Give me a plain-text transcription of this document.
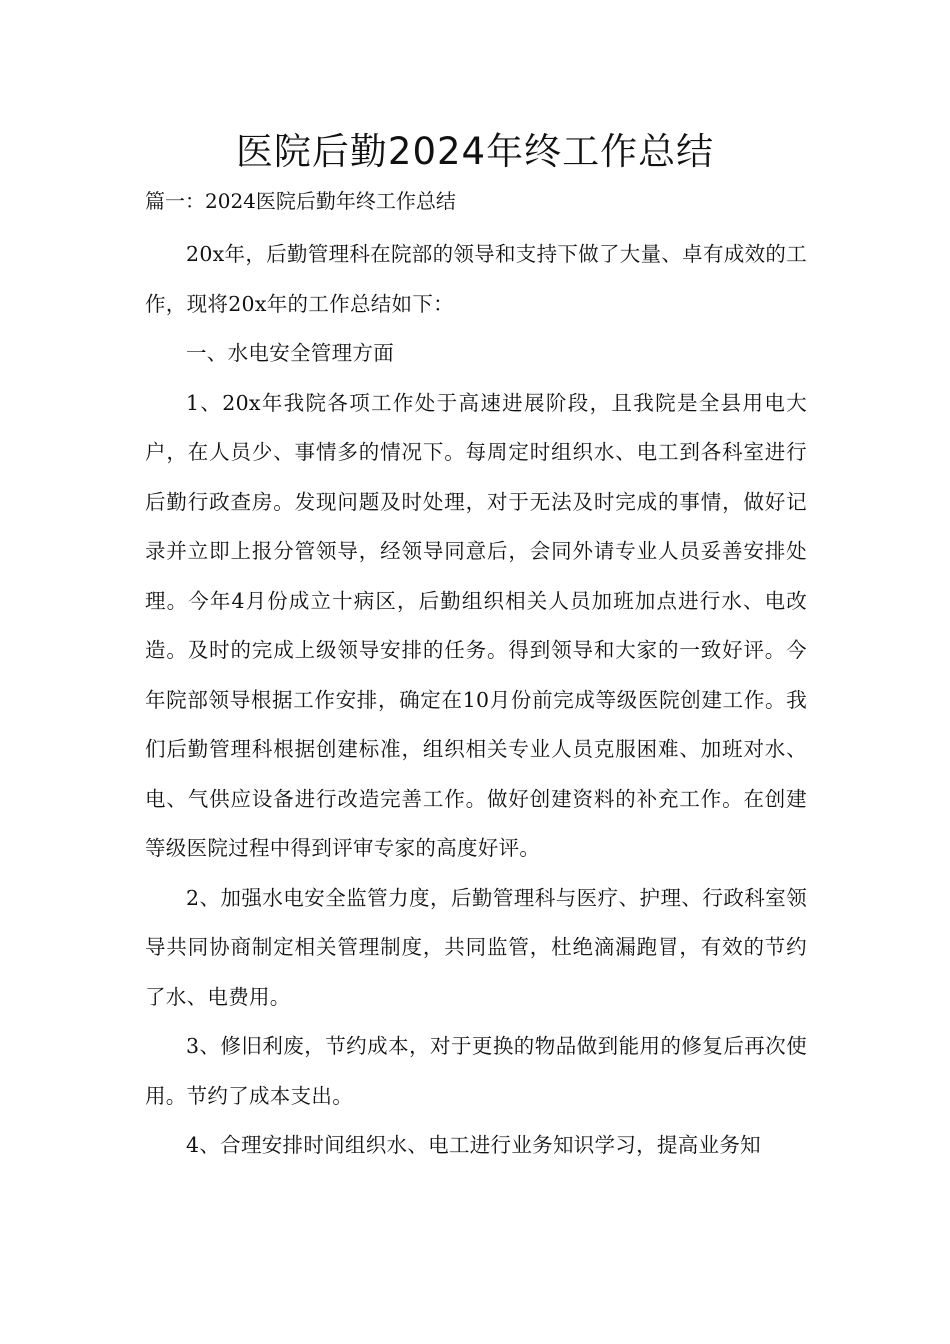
医院后勤2024年终工作总结

篇一：2024医院后勤年终工作总结

20x年，后勤管理科在院部的领导和支持下做了大量、卓有成效的工作，现将20x年的工作总结如下：

一、水电安全管理方面

1、20x年我院各项工作处于高速进展阶段，且我院是全县用电大户，在人员少、事情多的情况下。每周定时组织水、电工到各科室进行后勤行政查房。发现问题及时处理，对于无法及时完成的事情，做好记录并立即上报分管领导，经领导同意后，会同外请专业人员妥善安排处理。今年4月份成立十病区，后勤组织相关人员加班加点进行水、电改造。及时的完成上级领导安排的任务。得到领导和大家的一致好评。今年院部领导根据工作安排，确定在10月份前完成等级医院创建工作。我们后勤管理科根据创建标准，组织相关专业人员克服困难、加班对水、电、气供应设备进行改造完善工作。做好创建资料的补充工作。在创建等级医院过程中得到评审专家的高度好评。

2、加强水电安全监管力度，后勤管理科与医疗、护理、行政科室领导共同协商制定相关管理制度，共同监管，杜绝滴漏跑冒，有效的节约了水、电费用。

3、修旧利废，节约成本，对于更换的物品做到能用的修复后再次使用。节约了成本支出。

4、合理安排时间组织水、电工进行业务知识学习，提高业务知
